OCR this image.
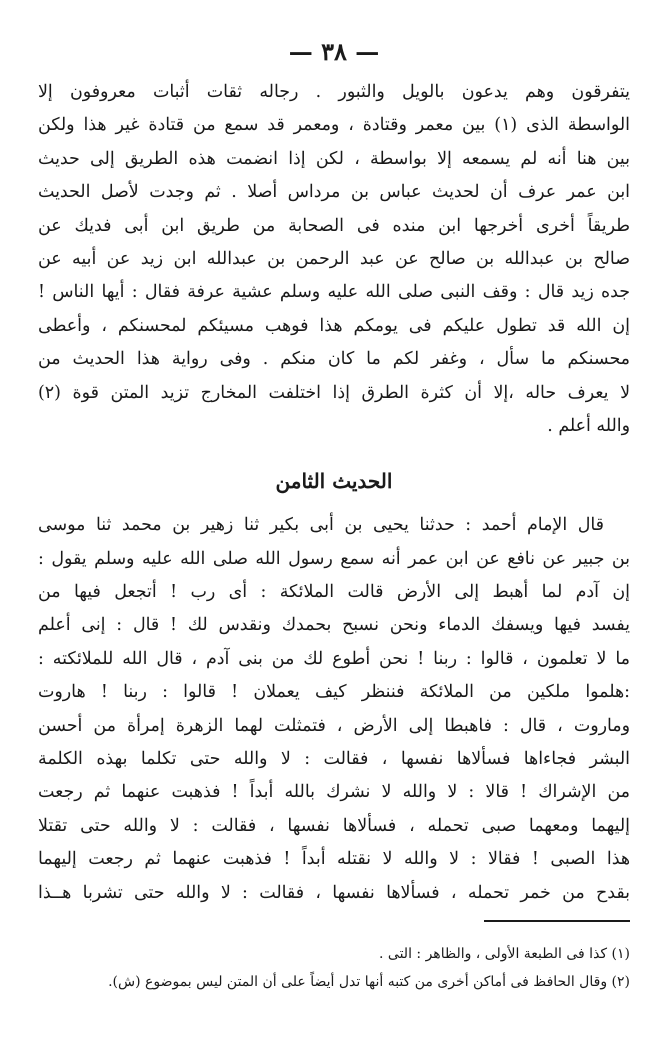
— ٣٨ —
يتفرقون وهم يدعون بالويل والثبور . رجاله ثقات أثبات معروفون إلا
الواسطة الذى (١) بين معمر وقتادة ، ومعمر قد سمع من قتادة غير هذا ولكن
بين هنا أنه لم يسمعه إلا بواسطة ، لكن إذا انضمت هذه الطريق إلى حديث
ابن عمر عرف أن لحديث عباس بن مرداس أصلا . ثم وجدت لأصل الحديث
طريقاً أخرى أخرجها ابن منده فى الصحابة من طريق ابن أبى فديك عن
صالح بن عبدالله بن صالح عن عبد الرحمن بن عبدالله ابن زيد عن أبيه عن
جده زيد قال : وقف النبى صلى الله عليه وسلم عشية عرفة فقال : أيها الناس !
إن الله قد تطول عليكم فى يومكم هذا فوهب مسيئكم لمحسنكم ، وأعطى
محسنكم ما سأل ، وغفر لكم ما كان منكم . وفى رواية هذا الحديث من
لا يعرف حاله ،إلا أن كثرة الطرق إذا اختلفت المخارج تزيد المتن قوة (٢)
والله أعلم .
الحديث الثامن
قال الإمام أحمد : حدثنا يحيى بن أبى بكير ثنا زهير بن محمد ثنا موسى
بن جبير عن نافع عن ابن عمر أنه سمع رسول الله صلى الله عليه وسلم يقول :
إن آدم لما أهبط إلى الأرض قالت الملائكة : أى رب ! أتجعل فيها من
يفسد فيها ويسفك الدماء ونحن نسبح بحمدك ونقدس لك ! قال : إنى أعلم
ما لا تعلمون ، قالوا : ربنا ! نحن أطوع لك من بنى آدم ، قال الله للملائكته :
:هلموا ملكين من الملائكة فننظر كيف يعملان ! قالوا : ربنا ! هاروت
وماروت ، قال : فاهبطا إلى الأرض ، فتمثلت لهما الزهرة إمرأة من أحسن
البشر فجاءاها فسألاها نفسها ، فقالت : لا والله حتى تكلما بهذه الكلمة
من الإشراك ! قالا : لا والله لا نشرك بالله أبداً ! فذهبت عنهما ثم رجعت
إليهما ومعهما صبى تحمله ، فسألاها نفسها ، فقالت : لا والله حتى تقتلا
هذا الصبى ! فقالا : لا والله لا نقتله أبداً ! فذهبت عنهما ثم رجعت إليهما
بقدح من خمر تحمله ، فسألاها نفسها ، فقالت : لا والله حتى تشربا هــذا
(١) كذا فى الطبعة الأولى ، والظاهر : التى .
(٢) وقال الحافظ فى أماكن أخرى من كتبه أنها تدل أيضاً على أن المتن ليس بموضوع (ش).
